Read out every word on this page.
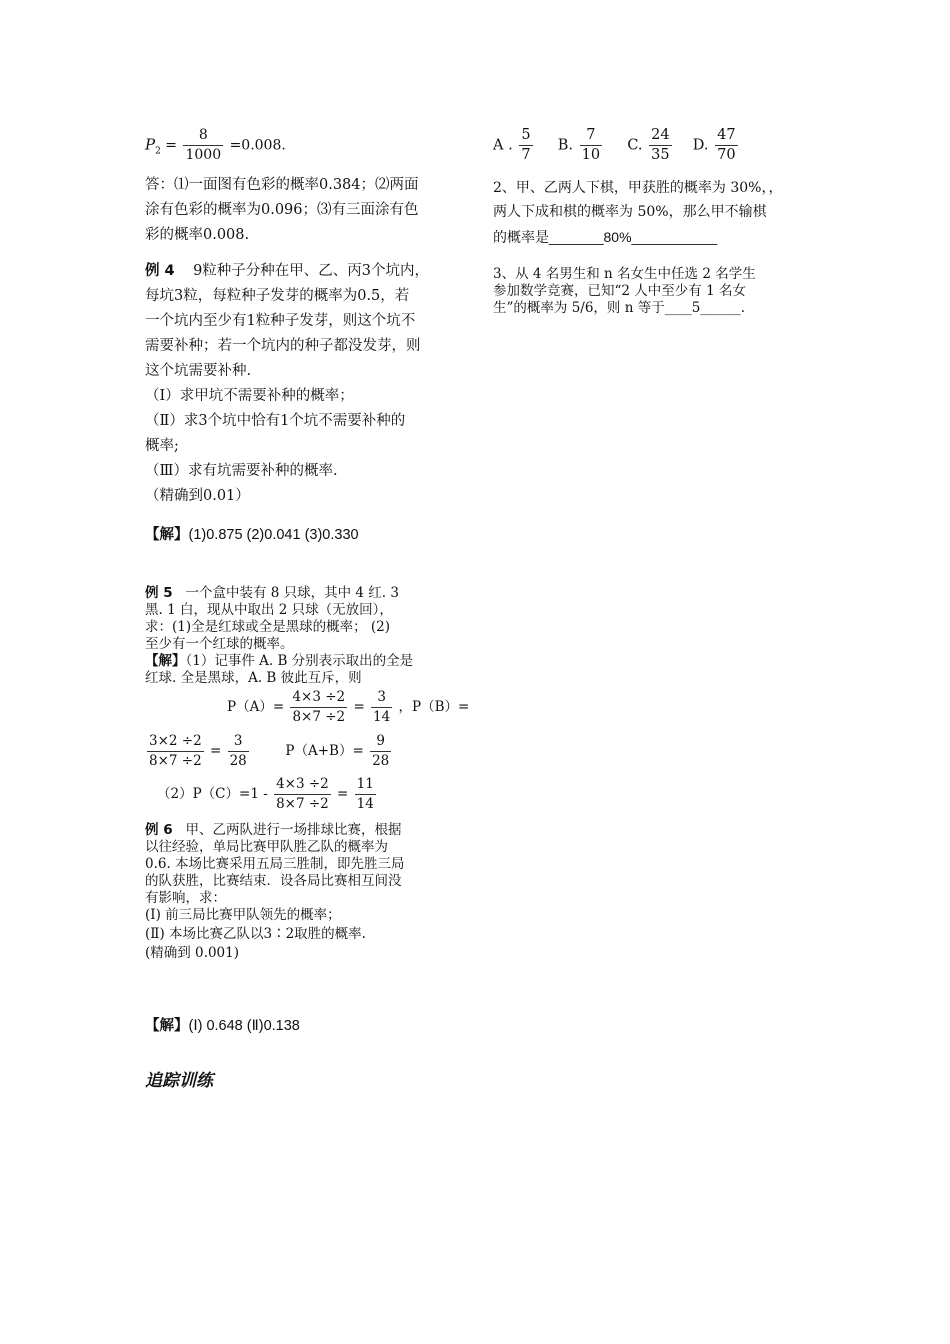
$P_2 = \frac{8}{1000} =0.008$.
答：⑴一面图有色彩的概率0.384；⑵两面
涂有色彩的概率为0.096；⑶有三面涂有色
彩的概率0.008.
例 4 9粒种子分种在甲、乙、丙3个坑内，
每坑3粒，每粒种子发芽的概率为0.5，若
一个坑内至少有1粒种子发芽，则这个坑不
需要补种；若一个坑内的种子都没发芽，则
这个坑需要补种.
（Ⅰ）求甲坑不需要补种的概率；
（Ⅱ）求3个坑中恰有1个坑不需要补种的
概率;
（Ⅲ）求有坑需要补种的概率.
（精确到0.01）
【解】(1)0.875 (2)0.041 (3)0.330
例 5 一个盒中装有 8 只球，其中 4 红. 3
黑. 1 白，现从中取出 2 只球（无放回），
求：(1)全是红球或全是黑球的概率； (2)
至少有一个红球的概率。
【解】（1）记事件 A. B 分别表示取出的全是
红球. 全是黑球，A. B 彼此互斥，则
$P(A)= \frac{4\times 3 \div 2}{8\times 7 \div 2} = \frac{3}{14}$ ，P（B）=
$\frac{3\times 2 \div 2}{8\times 7 \div 2} = \frac{3}{28}$	$P(A+B)= \frac{9}{28}$
$(2)P(C)=1 - \frac{4\times 3 \div 2}{8\times 7 \div 2} = \frac{11}{14}$
例 6 甲、乙两队进行一场排球比赛，根据
以往经验，单局比赛甲队胜乙队的概率为
0.6. 本场比赛采用五局三胜制，即先胜三局
的队获胜，比赛结束．设各局比赛相互间没
有影响，求：
(Ⅰ) 前三局比赛甲队领先的概率；
(Ⅱ) 本场比赛乙队以3∶2取胜的概率.
(精确到 0.001)
【解】(Ⅰ) 0.648 (Ⅱ)0.138
追踪训练
A . $\frac{5}{7} B$. $\frac{7}{10} C$. $\frac{24}{35} D$. $\frac{47}{70}$
2、甲、乙两人下棋，甲获胜的概率为 30%，，
两人下成和棋的概率为 50%，那么甲不输棋
的概率是_______80%___________
3、从 4 名男生和 n 名女生中任选 2 名学生
参加数学竞赛，已知“2 人中至少有 1 名女
生”的概率为 5/6，则 n 等于____5______.
